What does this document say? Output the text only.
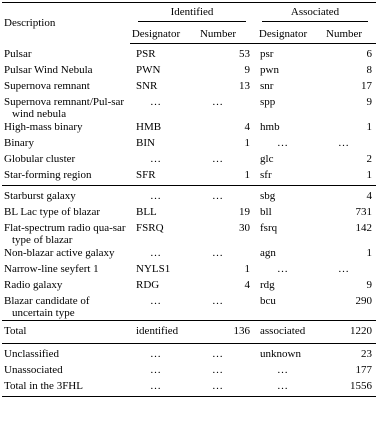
Description	Identified		Associated	

	Designator	Number	Designator	Number

Pulsar	PSR	53	psr	6
Pulsar Wind Nebula	PWN	9	pwn	8
Supernova remnant	SNR	13	snr	17

Supernova remnant/Pul-sar wind nebula	…	…	spp	9
High-mass binary	HMB	4	hmb	1
Binary	BIN	1	…	…
Globular cluster	…	…	glc	2
Star-forming region	SFR	1	sfr	1

Starburst galaxy	…	…	sbg	4
BL Lac type of blazar	BLL	19	bll	731

Flat-spectrum radio qua-sar type of blazar	FSRQ	30	fsrq	142
Non-blazar active galaxy	…	…	agn	1
Narrow-line seyfert 1	NYLS1	1	…	…
Radio galaxy	RDG	4	rdg	9

Blazar candidate of uncertain type	…	…	bcu	290
Total	identified	136	associated	1220

Unclassified	…	…	unknown	23
Unassociated	…	…	…	177
Total in the 3FHL	…	…	…	1556
